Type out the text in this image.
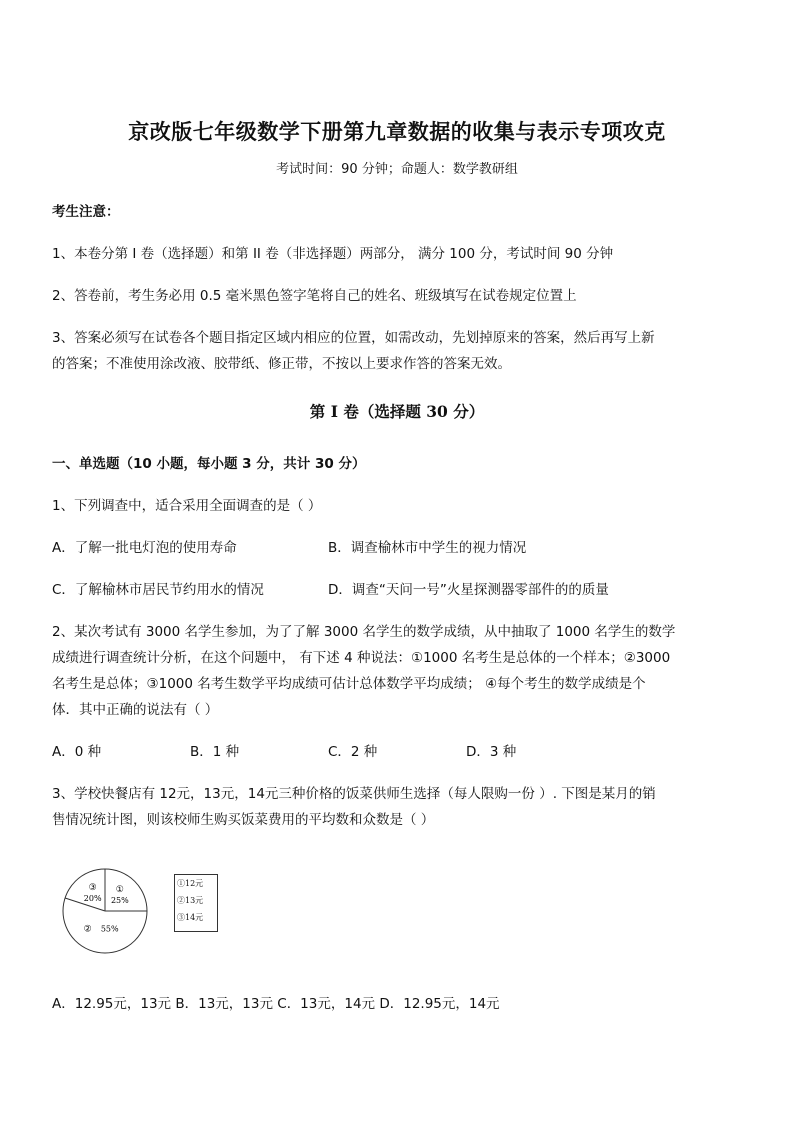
京改版七年级数学下册第九章数据的收集与表示专项攻克
考试时间：90 分钟；命题人：数学教研组
考生注意：
1、本卷分第 I 卷（选择题）和第 II 卷（非选择题）两部分， 满分 100 分，考试时间 90 分钟
2、答卷前，考生务必用 0.5 毫米黑色签字笔将自己的姓名、班级填写在试卷规定位置上
3、答案必须写在试卷各个题目指定区域内相应的位置，如需改动，先划掉原来的答案，然后再写上新
的答案；不准使用涂改液、胶带纸、修正带，不按以上要求作答的答案无效。
第 I 卷（选择题 30 分）
一、单选题（10 小题，每小题 3 分，共计 30 分）
1、下列调查中，适合采用全面调查的是（ ）
A．了解一批电灯泡的使用寿命	B．调查榆林市中学生的视力情况
C．了解榆林市居民节约用水的情况	D．调查“天问一号”火星探测器零部件的的质量
2、某次考试有 3000 名学生参加，为了了解 3000 名学生的数学成绩，从中抽取了 1000 名学生的数学
成绩进行调查统计分析，在这个问题中， 有下述 4 种说法：①1000 名考生是总体的一个样本；②3000
名考生是总体；③1000 名考生数学平均成绩可估计总体数学平均成绩； ④每个考生的数学成绩是个
体．其中正确的说法有（ ）
A．0 种	B．1 种	C．2 种	D．3 种
3、学校快餐店有 12元，13元，14元三种价格的饭菜供师生选择（每人限购一份 ）. 下图是某月的销
售情况统计图，则该校师生购买饭菜费用的平均数和众数是（ ）
①
25%
② 55%
③
20%
①12元
②13元
③14元
A．12.95元，13元 B．13元，13元 C．13元，14元 D．12.95元，14元
